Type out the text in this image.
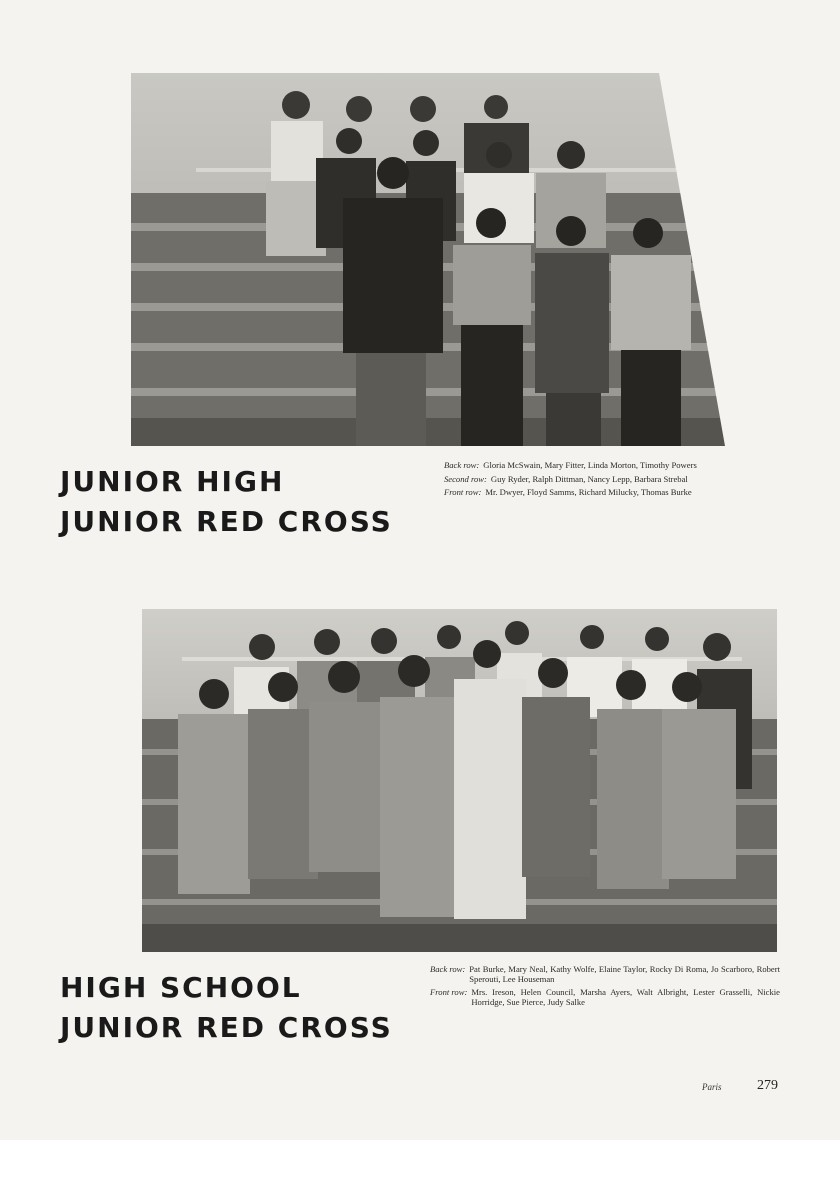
JUNIOR HIGH
JUNIOR RED CROSS
Back row: Gloria McSwain, Mary Fitter, Linda Morton, Timothy Powers
Second row: Guy Ryder, Ralph Dittman, Nancy Lepp, Barbara Strebal
Front row: Mr. Dwyer, Floyd Samms, Richard Milucky, Thomas Burke
HIGH SCHOOL
JUNIOR RED CROSS
Back row: Pat Burke, Mary Neal, Kathy Wolfe, Elaine Taylor, Rocky Di Roma, Jo Scarboro, Robert Sperouti, Lee Houseman
Front row: Mrs. Ireson, Helen Council, Marsha Ayers, Walt Albright, Lester Grasselli, Nickie Horridge, Sue Pierce, Judy Salke
Paris	279
